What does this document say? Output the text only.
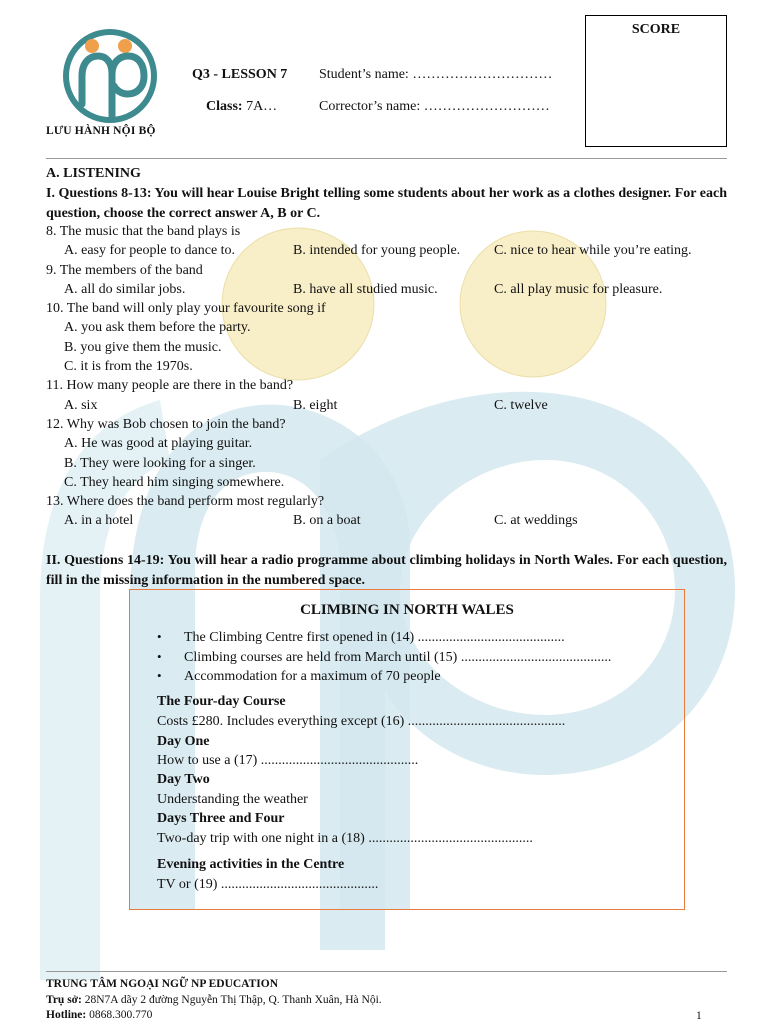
LƯU HÀNH NỘI BỘ
Q3 - LESSON 7
Class: 7A…
Student’s name: …………………………
Corrector’s name: ………………………
SCORE
A. LISTENING
I. Questions 8-13: You will hear Louise Bright telling some students about her work as a clothes designer. For each question, choose the correct answer A, B or C.
8. The music that the band plays is
A. easy for people to dance to.	B. intended for young people. C. nice to hear while you’re eating.
9. The members of the band
A. all do similar jobs.	B. have all studied music.	C. all play music for pleasure.
10. The band will only play your favourite song if
A. you ask them before the party.
B. you give them the music.
C. it is from the 1970s.
11. How many people are there in the band?
A. six	B. eight	C. twelve
12. Why was Bob chosen to join the band?
A. He was good at playing guitar.
B. They were looking for a singer.
C. They heard him singing somewhere.
13. Where does the band perform most regularly?
A. in a hotel	B. on a boat	C. at weddings
II. Questions 14-19: You will hear a radio programme about climbing holidays in North Wales. For each question, fill in the missing information in the numbered space.
CLIMBING IN NORTH WALES
• The Climbing Centre first opened in (14) ..........................................
• Climbing courses are held from March until (15) ...........................................
• Accommodation for a maximum of 70 people
The Four-day Course
Costs £280. Includes everything except (16) .............................................
Day One
How to use a (17) .............................................
Day Two
Understanding the weather
Days Three and Four
Two-day trip with one night in a (18) ...............................................
Evening activities in the Centre
TV or (19) .............................................
TRUNG TÂM NGOẠI NGỮ NP EDUCATION
Trụ sở: 28N7A dãy 2 đường Nguyễn Thị Thập, Q. Thanh Xuân, Hà Nội.
Hotline: 0868.300.770	1
